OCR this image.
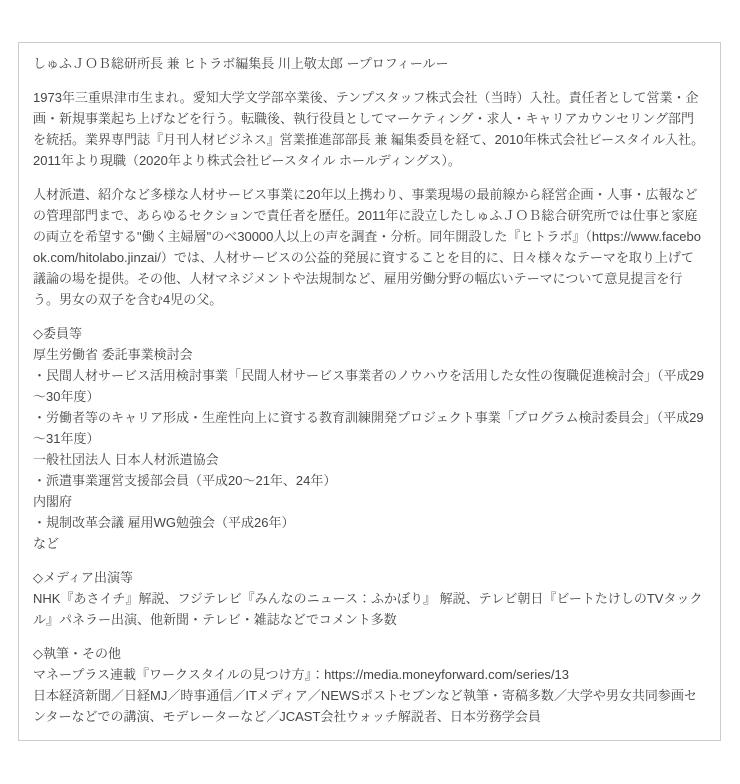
しゅふＪＯＢ総研所長 兼 ヒトラボ編集長 川上敬太郎 ープロフィールー

1973年三重県津市生まれ。愛知大学文学部卒業後、テンプスタッフ株式会社（当時）入社。責任者として営業・企画・新規事業起ち上げなどを行う。転職後、執行役員としてマーケティング・求人・キャリアカウンセリング部門を統括。業界専門誌『月刊人材ビジネス』営業推進部部長 兼 編集委員を経て、2010年株式会社ビースタイル入社。2011年より現職（2020年より株式会社ビースタイル ホールディングス）。

人材派遣、紹介など多様な人材サービス事業に20年以上携わり、事業現場の最前線から経営企画・人事・広報などの管理部門まで、あらゆるセクションで責任者を歴任。2011年に設立したしゅふＪＯＢ総合研究所では仕事と家庭の両立を希望する"働く主婦層"のべ30000人以上の声を調査・分析。同年開設した『ヒトラボ』（https://www.facebook.com/hitolabo.jinzai/）では、人材サービスの公益的発展に資することを目的に、日々様々なテーマを取り上げて議論の場を提供。その他、人材マネジメントや法規制など、雇用労働分野の幅広いテーマについて意見提言を行う。男女の双子を含む4児の父。

◇委員等

厚生労働省 委託事業検討会

・民間人材サービス活用検討事業「民間人材サービス事業者のノウハウを活用した女性の復職促進検討会」（平成29～30年度）

・労働者等のキャリア形成・生産性向上に資する教育訓練開発プロジェクト事業「プログラム検討委員会」（平成29～31年度）

一般社団法人 日本人材派遣協会

・派遣事業運営支援部会員（平成20～21年、24年）

内閣府

・規制改革会議 雇用WG勉強会（平成26年）

など

◇メディア出演等

NHK『あさイチ』解説、フジテレビ『みんなのニュース：ふかぼり』 解説、テレビ朝日『ビートたけしのTVタックル』パネラー出演、他新聞・テレビ・雑誌などでコメント多数

◇執筆・その他

マネープラス連載『ワークスタイルの見つけ方』：https://media.moneyforward.com/series/13

日本経済新聞／日経MJ／時事通信／ITメディア／NEWSポストセブンなど執筆・寄稿多数／大学や男女共同参画センターなどでの講演、モデレーターなど／JCAST会社ウォッチ解説者、日本労務学会員
